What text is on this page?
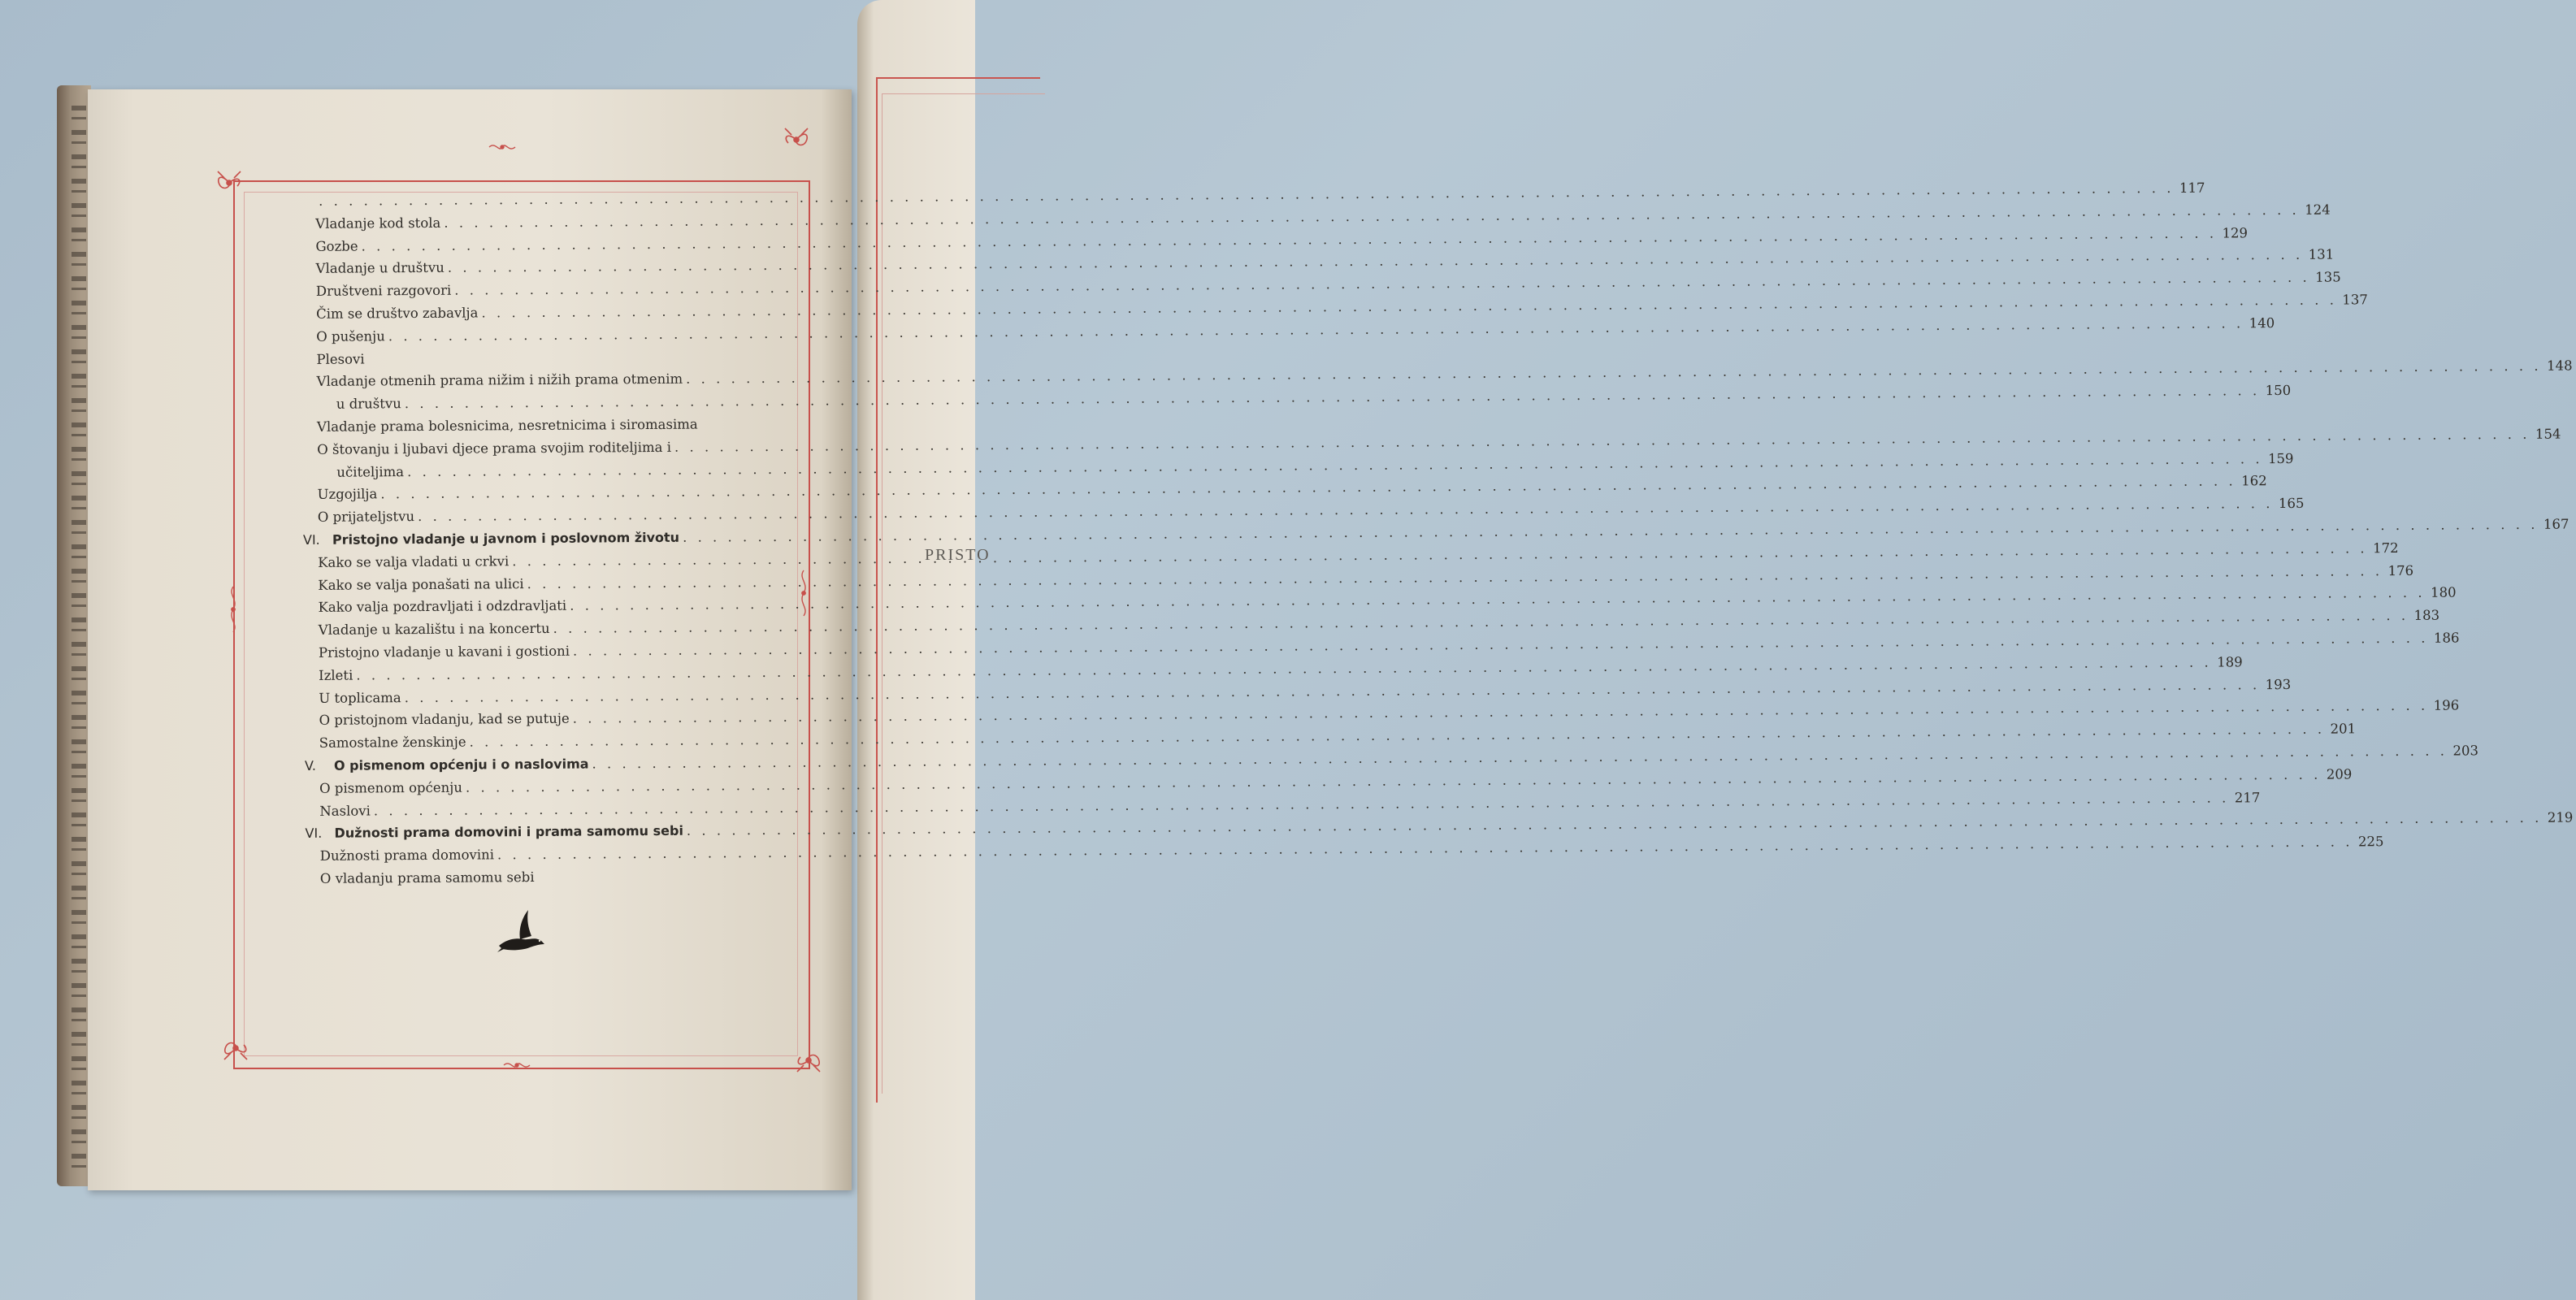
PRISTO
. . .
117
Vladanje kod stola
. . .
124
Gozbe
. . .
129
Vladanje u društvu
. . .
131
Društveni razgovori
. . .
135
Čim se društvo zabavlja
. . .
137
O pušenju
. . .
140
Plesovi
Vladanje otmenih prama nižim i nižih prama otmenim
. . .
148
u društvu
. . .
150
Vladanje prama bolesnicima, nesretnicima i siromasima
O štovanju i ljubavi djece prama svojim roditeljima i
. . .
154
učiteljima
. . .
159
Uzgojilja
. . .
162
O prijateljstvu
. . .
165
VI. Pristojno vladanje u javnom i poslovnom životu
. . .
167
Kako se valja vladati u crkvi
. . .
172
Kako se valja ponašati na ulici
. . .
176
Kako valja pozdravljati i odzdravljati
. . .
180
Vladanje u kazalištu i na koncertu
. . .
183
Pristojno vladanje u kavani i gostioni
. . .
186
Izleti
. . .
189
U toplicama
. . .
193
O pristojnom vladanju, kad se putuje
. . .
196
Samostalne ženskinje
. . .
201
V. O pismenom općenju i o naslovima
. . .
203
O pismenom općenju
. . .
209
Naslovi
. . .
217
VI. Dužnosti prama domovini i prama samomu sebi
. . .
219
Dužnosti prama domovini
. . .
225
O vladanju prama samomu sebi
